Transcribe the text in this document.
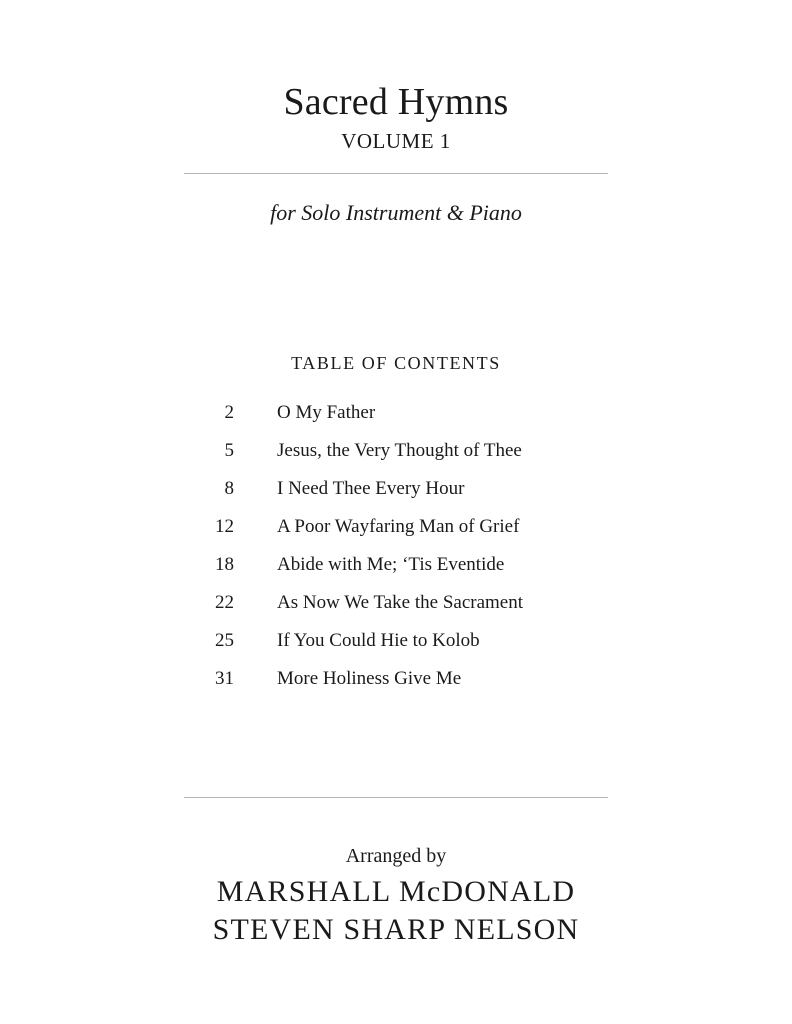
Sacred Hymns
VOLUME 1
for Solo Instrument & Piano
TABLE OF CONTENTS
2 O My Father
5 Jesus, the Very Thought of Thee
8 I Need Thee Every Hour
12 A Poor Wayfaring Man of Grief
18 Abide with Me; ‘Tis Eventide
22 As Now We Take the Sacrament
25 If You Could Hie to Kolob
31 More Holiness Give Me
Arranged by
MARSHALL McDONALD
STEVEN SHARP NELSON
